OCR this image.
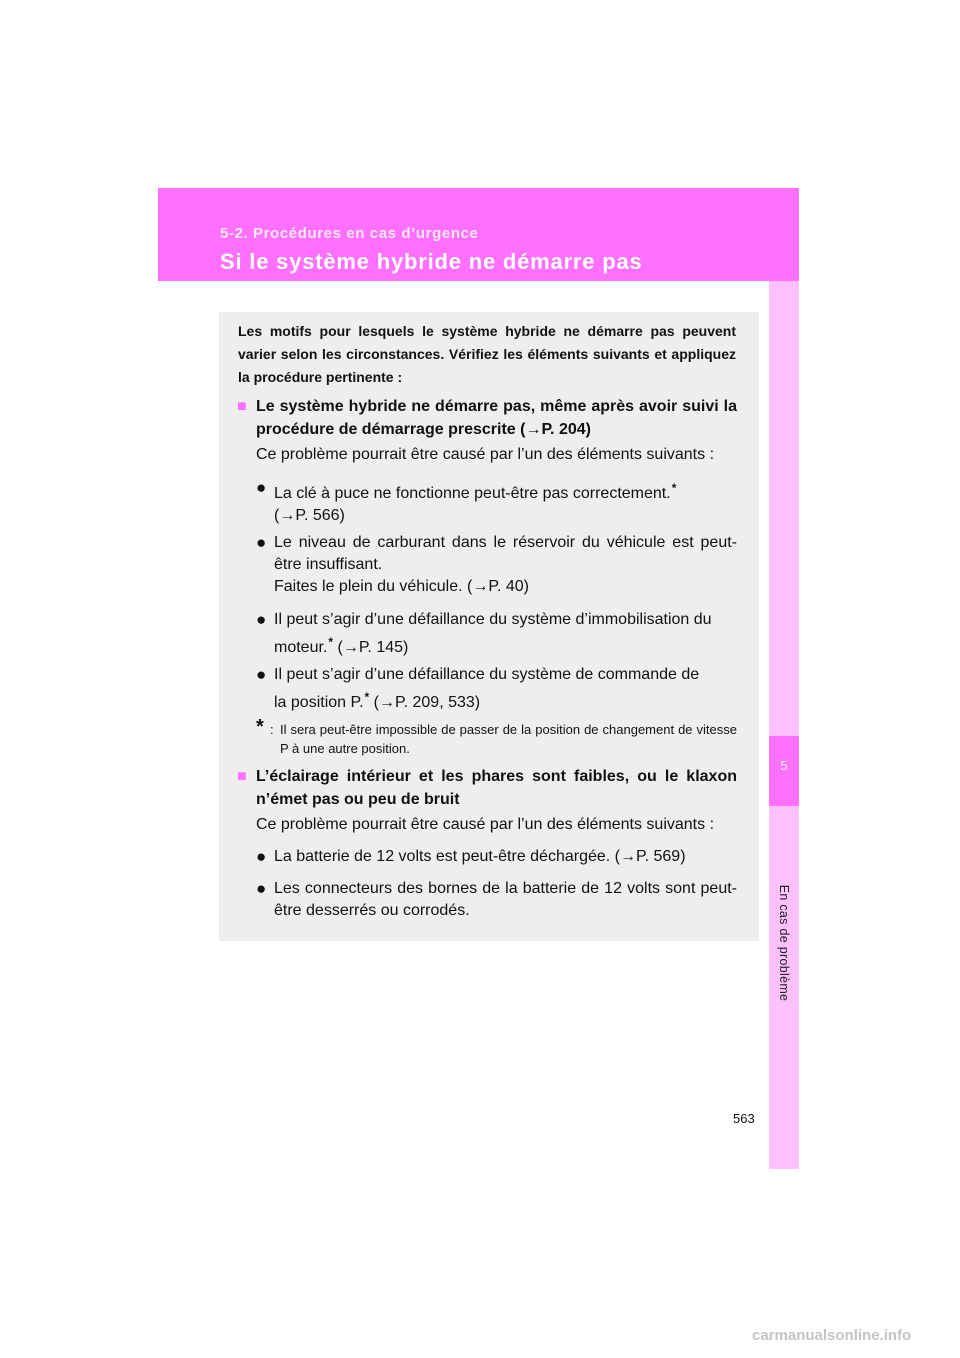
5-2. Procédures en cas d’urgence
Si le système hybride ne démarre pas
5
En cas de problème

Les motifs pour lesquels le système hybride ne démarre pas peuvent varier selon les circonstances. Vérifiez les éléments suivants et appliquez la procédure pertinente :

■ Le système hybride ne démarre pas, même après avoir suivi la procédure de démarrage prescrite (→P. 204)

Ce problème pourrait être causé par l’un des éléments suivants :

● La clé à puce ne fonctionne peut-être pas correctement.*
(→P. 566)
● Le niveau de carburant dans le réservoir du véhicule est peut-être insuffisant.
Faites le plein du véhicule. (→P. 40)
● Il peut s’agir d’une défaillance du système d’immobilisation du
moteur.* (→P. 145)
● Il peut s’agir d’une défaillance du système de commande de
la position P.* (→P. 209, 533)
* : Il sera peut-être impossible de passer de la position de changement de vitesse P à une autre position.
■ L’éclairage intérieur et les phares sont faibles, ou le klaxon n’émet pas ou peu de bruit

Ce problème pourrait être causé par l’un des éléments suivants :

● La batterie de 12 volts est peut-être déchargée. (→P. 569)
● Les connecteurs des bornes de la batterie de 12 volts sont peut-être desserrés ou corrodés.
563
carmanualsonline.info
